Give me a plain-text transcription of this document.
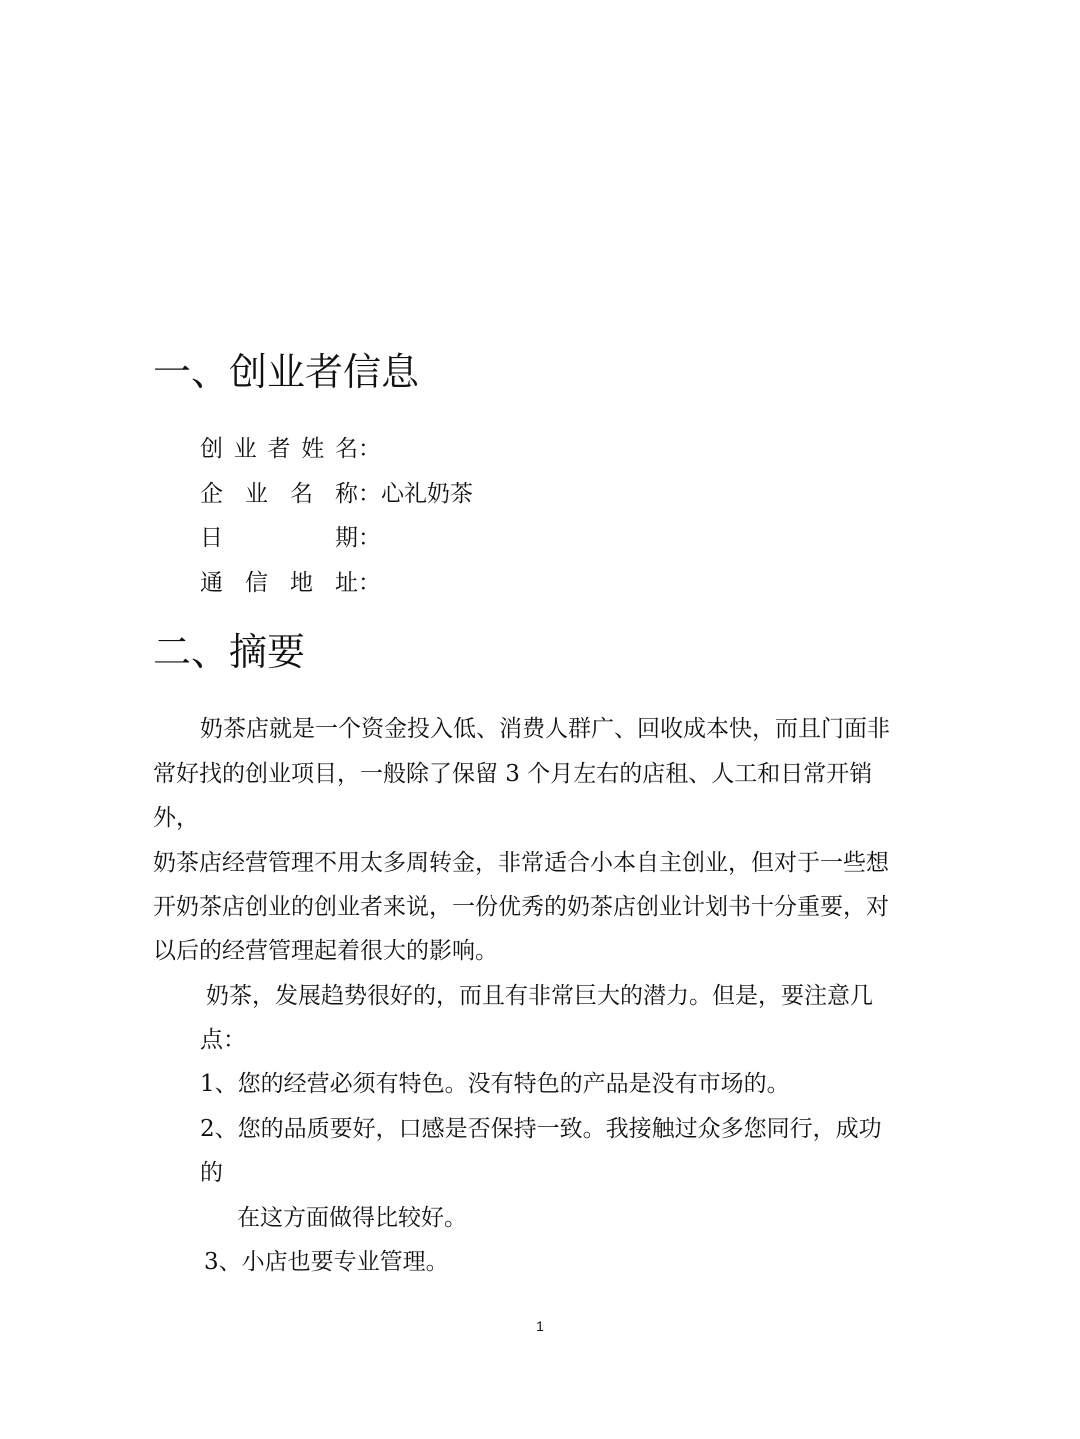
一、创业者信息
创业者姓名 ：
企业名称 ： 心礼奶茶
日期 ：
通信地址 ：
二、摘要

奶茶店就是一个资金投入低、消费人群广、回收成本快，而且门面非

常好找的创业项目，一般除了保留 3 个月左右的店租、人工和日常开销

外，

奶茶店经营管理不用太多周转金，非常适合小本自主创业，但对于一些想

开奶茶店创业的创业者来说，一份优秀的奶茶店创业计划书十分重要，对

以后的经营管理起着很大的影响。

奶茶，发展趋势很好的，而且有非常巨大的潜力。但是，要注意几

点：

1、您的经营必须有特色。没有特色的产品是没有市场的。

2、您的品质要好，口感是否保持一致。我接触过众多您同行，成功

的

在这方面做得比较好。

3、小店也要专业管理。

1
